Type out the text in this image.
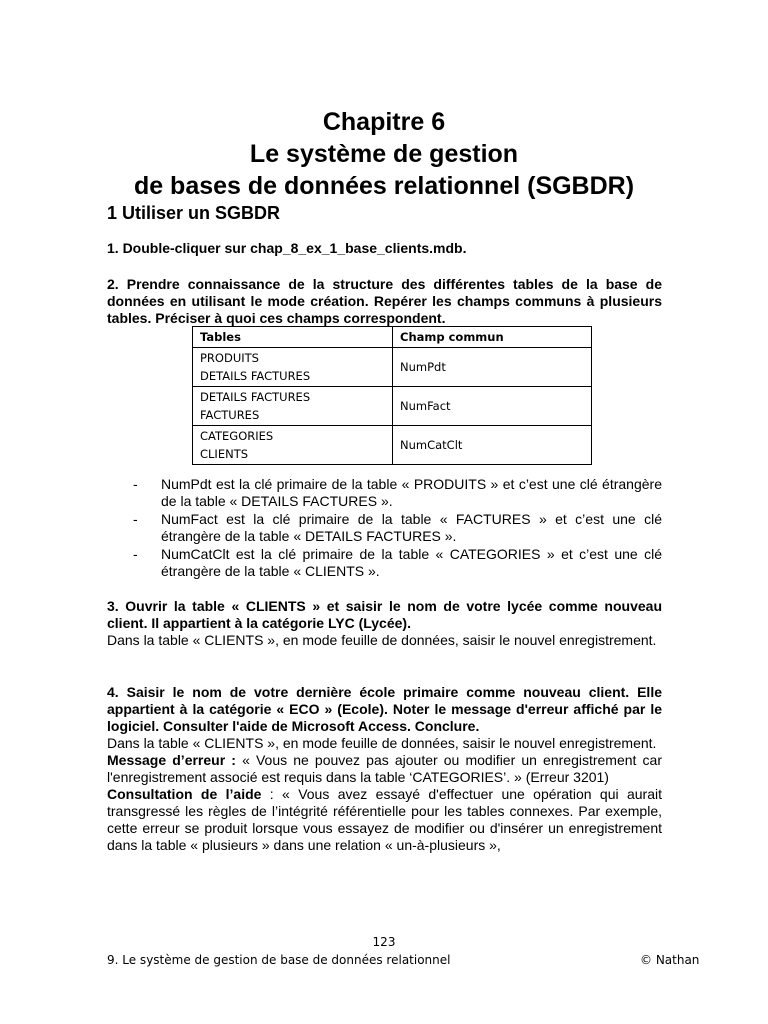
Chapitre 6
Le système de gestion
de bases de données relationnel (SGBDR)
1 Utiliser un SGBDR
1. Double-cliquer sur chap_8_ex_1_base_clients.mdb.
2. Prendre connaissance de la structure des différentes tables de la base de données en utilisant le mode création. Repérer les champs communs à plusieurs tables. Préciser à quoi ces champs correspondent.
Tables	Champ commun

PRODUITS
DETAILS FACTURES	NumPdt

DETAILS FACTURES
FACTURES	NumFact

CATEGORIES
CLIENTS	NumCatClt
- NumPdt est la clé primaire de la table « PRODUITS » et c’est une clé étrangère de la table « DETAILS FACTURES ».
- NumFact est la clé primaire de la table « FACTURES » et c’est une clé étrangère de la table « DETAILS FACTURES ».
- NumCatClt est la clé primaire de la table « CATEGORIES » et c’est une clé étrangère de la table « CLIENTS ».
3. Ouvrir la table « CLIENTS » et saisir le nom de votre lycée comme nouveau client. Il appartient à la catégorie LYC (Lycée).
Dans la table « CLIENTS », en mode feuille de données, saisir le nouvel enregistrement.
4. Saisir le nom de votre dernière école primaire comme nouveau client. Elle appartient à la catégorie « ECO » (Ecole). Noter le message d'erreur affiché par le logiciel. Consulter l'aide de Microsoft Access. Conclure.
Dans la table « CLIENTS », en mode feuille de données, saisir le nouvel enregistrement.
Message d’erreur : « Vous ne pouvez pas ajouter ou modifier un enregistrement car l'enregistrement associé est requis dans la table ‘CATEGORIES’. » (Erreur 3201)
Consultation de l’aide : « Vous avez essayé d'effectuer une opération qui aurait transgressé les règles de l’intégrité référentielle pour les tables connexes. Par exemple, cette erreur se produit lorsque vous essayez de modifier ou d'insérer un enregistrement dans la table « plusieurs » dans une relation « un-à-plusieurs »,
123
9. Le système de gestion de base de données relationnel	© Nathan
